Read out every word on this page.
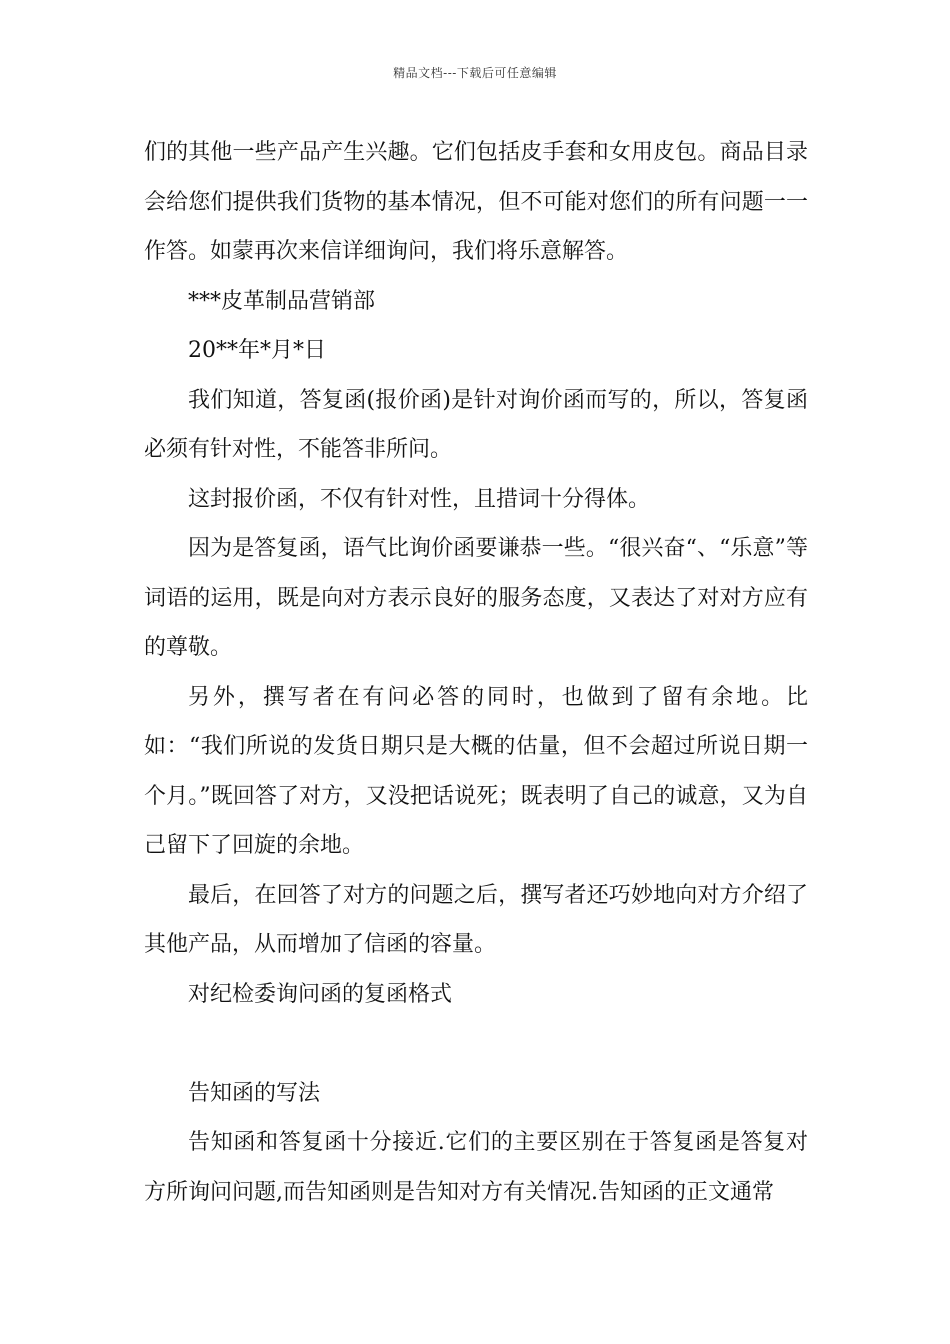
精品文档---下载后可任意编辑

们的其他一些产品产生兴趣。它们包括皮手套和女用皮包。商品目录会给您们提供我们货物的基本情况，但不可能对您们的所有问题一一作答。如蒙再次来信详细询问，我们将乐意解答。

***皮革制品营销部

20**年*月*日

我们知道，答复函(报价函)是针对询价函而写的，所以，答复函必须有针对性，不能答非所问。

这封报价函，不仅有针对性，且措词十分得体。

因为是答复函，语气比询价函要谦恭一些。“很兴奋“、“乐意”等词语的运用，既是向对方表示良好的服务态度，又表达了对对方应有的尊敬。

另外，撰写者在有问必答的同时，也做到了留有余地。比如：“我们所说的发货日期只是大概的估量，但不会超过所说日期一个月。”既回答了对方，又没把话说死；既表明了自己的诚意，又为自己留下了回旋的余地。

最后，在回答了对方的问题之后，撰写者还巧妙地向对方介绍了其他产品，从而增加了信函的容量。

对纪检委询问函的复函格式

告知函的写法

告知函和答复函十分接近.它们的主要区别在于答复函是答复对方所询问问题,而告知函则是告知对方有关情况.告知函的正文通常
